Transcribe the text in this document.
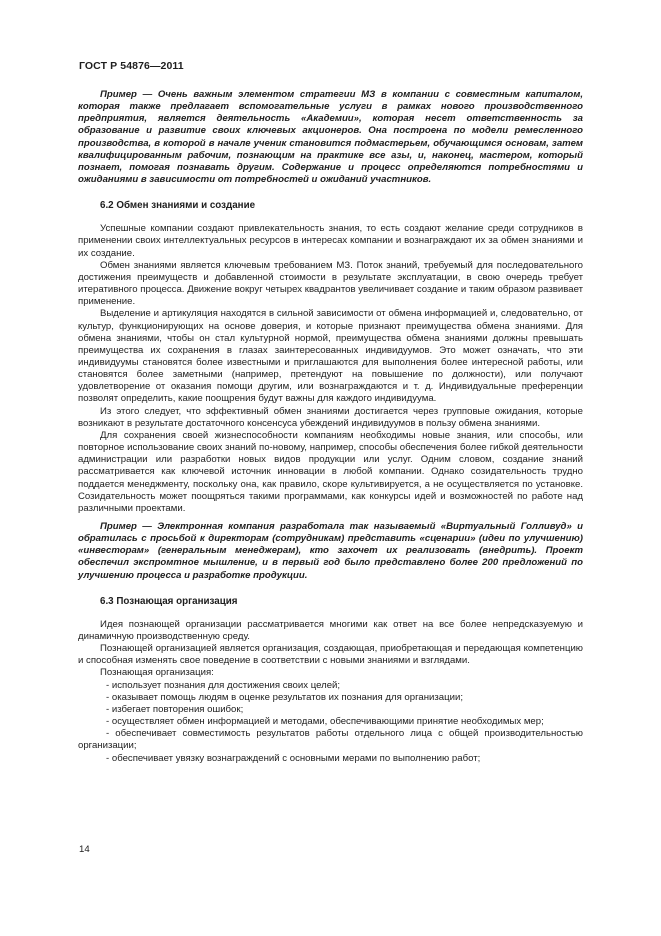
ГОСТ Р 54876—2011

Пример — Очень важным элементом стратегии МЗ в компании с совместным капиталом, которая также предлагает вспомогательные услуги в рамках нового производственного предприятия, является деятельность «Академии», которая несет ответственность за образование и развитие своих ключевых акционеров. Она построена по модели ремесленного производства, в которой в начале ученик становится подмастерьем, обучающимся основам, затем квалифицированным рабочим, познающим на практике все азы, и, наконец, мастером, который познает, помогая познавать другим. Содержание и процесс определяются потребностями и ожиданиями в зависимости от потребностей и ожиданий участников.

6.2 Обмен знаниями и создание

Успешные компании создают привлекательность знания, то есть создают желание среди сотрудников в применении своих интеллектуальных ресурсов в интересах компании и вознаграждают их за обмен знаниями и их создание.

Обмен знаниями является ключевым требованием МЗ. Поток знаний, требуемый для последовательного достижения преимуществ и добавленной стоимости в результате эксплуатации, в свою очередь требует итеративного процесса. Движение вокруг четырех квадрантов увеличивает создание и таким образом развивает применение.

Выделение и артикуляция находятся в сильной зависимости от обмена информацией и, следовательно, от культур, функционирующих на основе доверия, и которые признают преимущества обмена знаниями. Для обмена знаниями, чтобы он стал культурной нормой, преимущества обмена знаниями должны превышать преимущества их сохранения в глазах заинтересованных индивидуумов. Это может означать, что эти индивидуумы становятся более известными и приглашаются для выполнения более интересной работы, или становятся более заметными (например, претендуют на повышение по должности), или получают удовлетворение от оказания помощи другим, или вознаграждаются и т. д. Индивидуальные преференции позволят определить, какие поощрения будут важны для каждого индивидуума.

Из этого следует, что эффективный обмен знаниями достигается через групповые ожидания, которые возникают в результате достаточного консенсуса убеждений индивидуумов в пользу обмена знаниями.

Для сохранения своей жизнеспособности компаниям необходимы новые знания, или способы, или повторное использование своих знаний по-новому, например, способы обеспечения более гибкой деятельности администрации или разработки новых видов продукции или услуг. Одним словом, создание знаний рассматривается как ключевой источник инновации в любой компании. Однако созидательность трудно поддается менеджменту, поскольку она, как правило, скоре культивируется, а не осуществляется по установке. Созидательность может поощряться такими программами, как конкурсы идей и возможностей по работе над различными проектами.

Пример — Электронная компания разработала так называемый «Виртуальный Голливуд» и обратилась с просьбой к директорам (сотрудникам) представить «сценарии» (идеи по улучшению) «инвесторам» (генеральным менеджерам), кто захочет их реализовать (внедрить). Проект обеспечил экспромтное мышление, и в первый год было представлено более 200 предложений по улучшению процесса и разработке продукции.

6.3 Познающая организация

Идея познающей организации рассматривается многими как ответ на все более непредсказуемую и динамичную производственную среду.

Познающей организацией является организация, создающая, приобретающая и передающая компетенцию и способная изменять свое поведение в соответствии с новыми знаниями и взглядами.

Познающая организация:

- использует познания для достижения своих целей;

- оказывает помощь людям в оценке результатов их познания для организации;

- избегает повторения ошибок;

- осуществляет обмен информацией и методами, обеспечивающими принятие необходимых мер;

- обеспечивает совместимость результатов работы отдельного лица с общей производительностью организации;

- обеспечивает увязку вознаграждений с основными мерами по выполнению работ;

14
